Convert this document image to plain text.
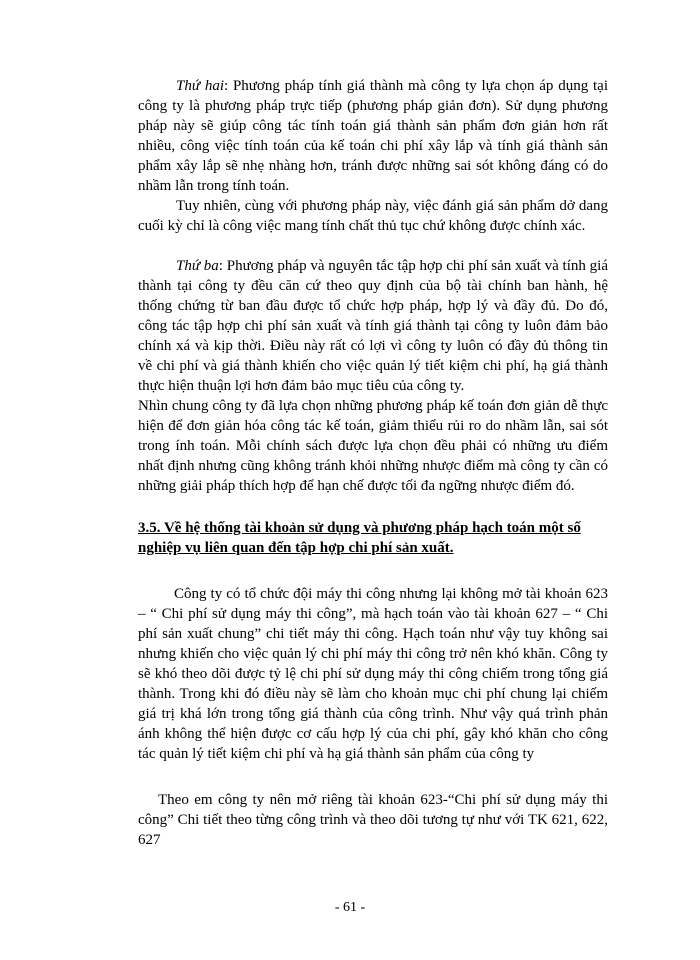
Thứ hai: Phương pháp tính giá thành mà công ty lựa chọn áp dụng tại công ty là phương pháp trực tiếp (phương pháp giản đơn). Sử dụng phương pháp này sẽ giúp công tác tính toán giá thành sản phẩm đơn giản hơn rất nhiều, công việc tính toán của kế toán chi phí xây lắp và tính giá thành sản phẩm xây lắp sẽ nhẹ nhàng hơn, tránh được những sai sót không đáng có do nhầm lẫn trong tính toán.

Tuy nhiên, cùng với phương pháp này, việc đánh giá sản phẩm dở dang cuối kỳ chỉ là công việc mang tính chất thủ tục chứ không được chính xác.

Thứ ba: Phương pháp và nguyên tắc tập hợp chi phí sản xuất và tính giá thành tại công ty đều căn cứ theo quy định của bộ tài chính ban hành, hệ thống chứng từ ban đầu được tổ chức hợp pháp, hợp lý và đầy đủ. Do đó, công tác tập hợp chi phí sản xuất và tính giá thành tại công ty luôn đảm bảo chính xá và kịp thời. Điều này rất có lợi vì công ty luôn có đầy đủ thông tin về chi phí và giá thành khiến cho việc quản lý tiết kiệm chi phí, hạ giá thành thực hiện thuận lợi hơn đảm bảo mục tiêu của công ty.

Nhìn chung công ty đã lựa chọn những phương pháp kế toán đơn giản dễ thực hiện để đơn giản hóa công tác kế toán, giảm thiểu rủi ro do nhầm lẫn, sai sót trong ính toán. Mỗi chính sách được lựa chọn đều phải có những ưu điểm nhất định nhưng cũng không tránh khỏi những nhược điểm mà công ty cần có những giải pháp thích hợp để hạn chế được tối đa ngững nhược điểm đó.

3.5. Về hệ thống tài khoản sử dụng và phương pháp hạch toán một số nghiệp vụ liên quan đến tập hợp chi phí sản xuất.

Công ty có tổ chức đội máy thi công nhưng lại không mở tài khoản 623 – “ Chi phí sử dụng máy thi công”, mà hạch toán vào tài khoản 627 – “ Chi phí sản xuất chung” chi tiết máy thi công. Hạch toán như vậy tuy không sai nhưng khiến cho việc quản lý chi phí máy thi công trở nên khó khăn. Công ty sẽ khó theo dõi được tỷ lệ chi phí sử dụng máy thi công chiếm trong tổng giá thành. Trong khi đó điều này sẽ làm cho khoản mục chi phí chung lại chiếm giá trị khá lớn trong tổng giá thành của công trình. Như vậy quá trình phản ánh không thể hiện được cơ cấu hợp lý của chi phí, gây khó khăn cho công tác quản lý tiết kiệm chi phí và hạ giá thành sản phẩm của công ty

Theo em công ty nên mở riêng tài khoản 623-“Chi phí sử dụng máy thi công” Chi tiết theo từng công trình và theo dõi tương tự như với TK 621, 622, 627

- 61 -
